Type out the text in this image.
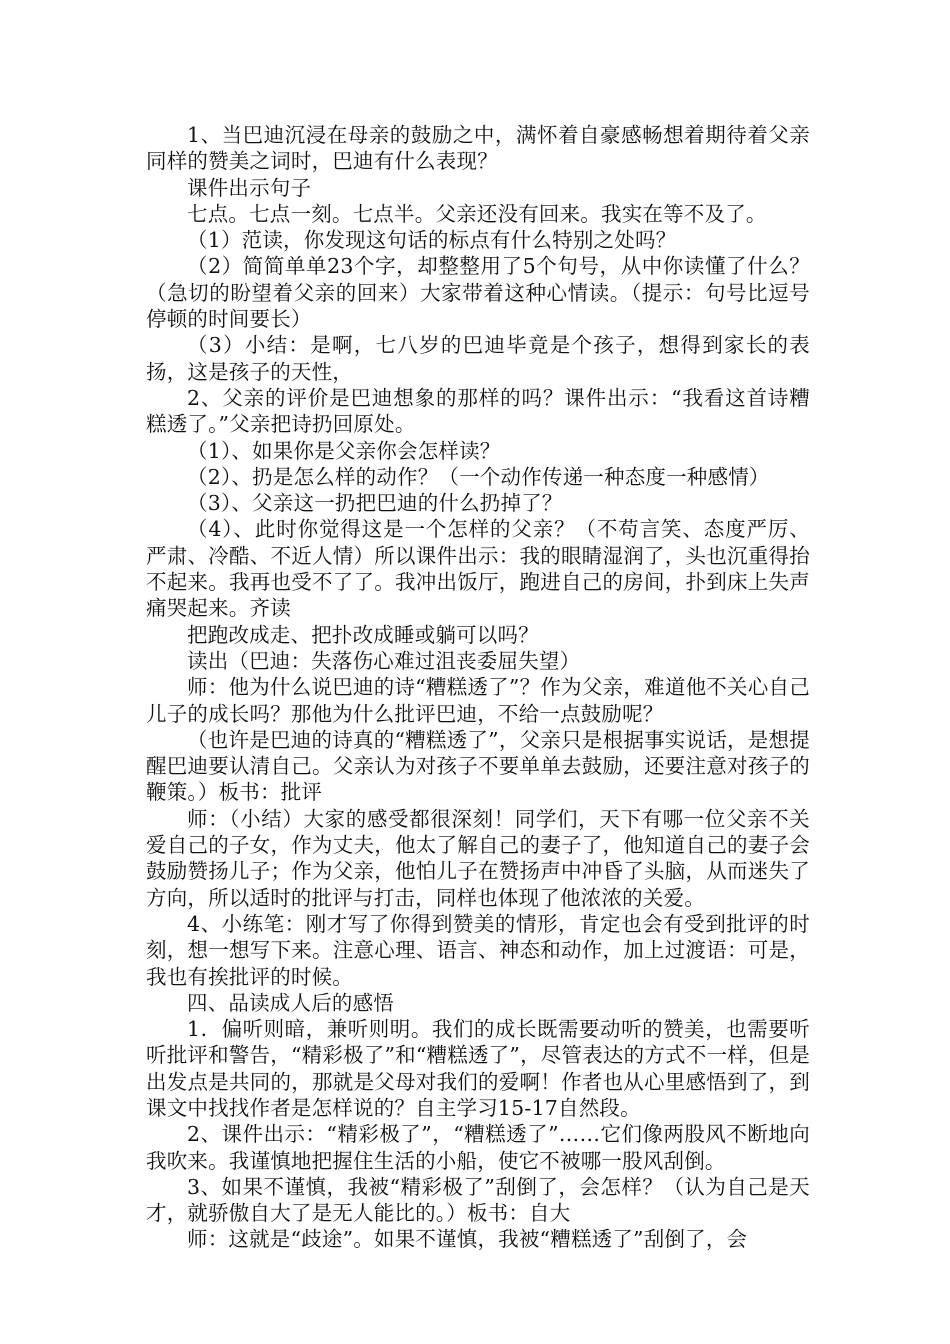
1、当巴迪沉浸在母亲的鼓励之中，满怀着自豪感畅想着期待着父亲同样的赞美之词时，巴迪有什么表现？

课件出示句子

七点。七点一刻。七点半。父亲还没有回来。我实在等不及了。

（1）范读，你发现这句话的标点有什么特别之处吗？

（2）简简单单23个字，却整整用了5个句号，从中你读懂了什么？（急切的盼望着父亲的回来）大家带着这种心情读。（提示：句号比逗号停顿的时间要长）

（3）小结：是啊，七八岁的巴迪毕竟是个孩子，想得到家长的表扬，这是孩子的天性，

2、父亲的评价是巴迪想象的那样的吗？课件出示：“我看这首诗糟糕透了。”父亲把诗扔回原处。

（1）、如果你是父亲你会怎样读？

（2）、扔是怎么样的动作？（一个动作传递一种态度一种感情）

（3）、父亲这一扔把巴迪的什么扔掉了？

（4）、此时你觉得这是一个怎样的父亲？（不苟言笑、态度严厉、严肃、冷酷、不近人情）所以课件出示：我的眼睛湿润了，头也沉重得抬不起来。我再也受不了了。我冲出饭厅，跑进自己的房间，扑到床上失声痛哭起来。齐读

把跑改成走、把扑改成睡或躺可以吗？

读出（巴迪：失落伤心难过沮丧委屈失望）

师：他为什么说巴迪的诗“糟糕透了”？作为父亲，难道他不关心自己儿子的成长吗？那他为什么批评巴迪，不给一点鼓励呢？

（也许是巴迪的诗真的“糟糕透了”，父亲只是根据事实说话，是想提醒巴迪要认清自己。父亲认为对孩子不要单单去鼓励，还要注意对孩子的鞭策。）板书：批评

师：（小结）大家的感受都很深刻！同学们，天下有哪一位父亲不关爱自己的子女，作为丈夫，他太了解自己的妻子了，他知道自己的妻子会鼓励赞扬儿子；作为父亲，他怕儿子在赞扬声中冲昏了头脑，从而迷失了方向，所以适时的批评与打击，同样也体现了他浓浓的关爱。

4、小练笔：刚才写了你得到赞美的情形，肯定也会有受到批评的时刻，想一想写下来。注意心理、语言、神态和动作，加上过渡语：可是，我也有挨批评的时候。

四、品读成人后的感悟

1．偏听则暗，兼听则明。我们的成长既需要动听的赞美，也需要听听批评和警告，“精彩极了”和“糟糕透了”，尽管表达的方式不一样，但是出发点是共同的，那就是父母对我们的爱啊！作者也从心里感悟到了，到课文中找找作者是怎样说的？自主学习15-17自然段。

2、课件出示：“精彩极了”，“糟糕透了”……它们像两股风不断地向我吹来。我谨慎地把握住生活的小船，使它不被哪一股风刮倒。

3、如果不谨慎，我被“精彩极了”刮倒了，会怎样？（认为自己是天才，就骄傲自大了是无人能比的。）板书：自大

师：这就是“歧途”。如果不谨慎，我被“糟糕透了”刮倒了，会
